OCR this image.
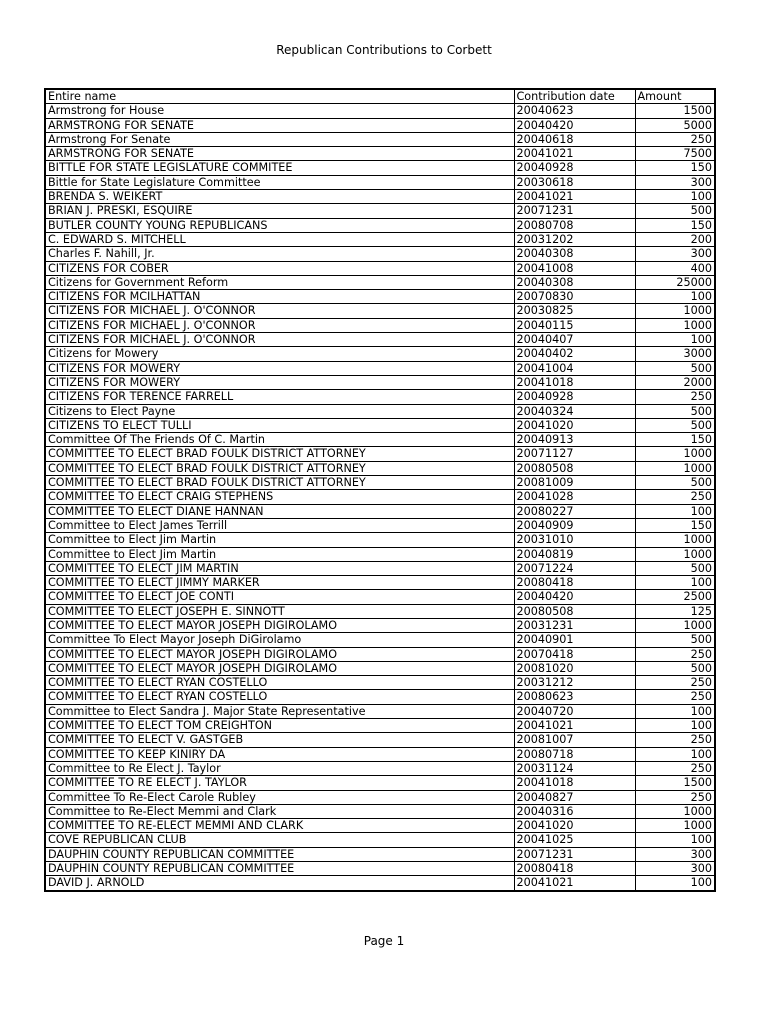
Republican Contributions to Corbett
Entire name	Contribution date	Amount
Armstrong for House	20040623	1500
ARMSTRONG FOR SENATE	20040420	5000
Armstrong For Senate	20040618	250
ARMSTRONG FOR SENATE	20041021	7500
BITTLE FOR STATE LEGISLATURE COMMITEE	20040928	150
Bittle for State Legislature Committee	20030618	300
BRENDA S. WEIKERT	20041021	100
BRIAN J. PRESKI, ESQUIRE	20071231	500
BUTLER COUNTY YOUNG REPUBLICANS	20080708	150
C. EDWARD S. MITCHELL	20031202	200
Charles F. Nahill, Jr.	20040308	300
CITIZENS FOR COBER	20041008	400
Citizens for Government Reform	20040308	25000
CITIZENS FOR MCILHATTAN	20070830	100
CITIZENS FOR MICHAEL J. O'CONNOR	20030825	1000
CITIZENS FOR MICHAEL J. O'CONNOR	20040115	1000
CITIZENS FOR MICHAEL J. O'CONNOR	20040407	100
Citizens for Mowery	20040402	3000
CITIZENS FOR MOWERY	20041004	500
CITIZENS FOR MOWERY	20041018	2000
CITIZENS FOR TERENCE FARRELL	20040928	250
Citizens to Elect Payne	20040324	500
CITIZENS TO ELECT TULLI	20041020	500
Committee Of The Friends Of C. Martin	20040913	150
COMMITTEE TO ELECT BRAD FOULK DISTRICT ATTORNEY	20071127	1000
COMMITTEE TO ELECT BRAD FOULK DISTRICT ATTORNEY	20080508	1000
COMMITTEE TO ELECT BRAD FOULK DISTRICT ATTORNEY	20081009	500
COMMITTEE TO ELECT CRAIG STEPHENS	20041028	250
COMMITTEE TO ELECT DIANE HANNAN	20080227	100
Committee to Elect James Terrill	20040909	150
Committee to Elect Jim Martin	20031010	1000
Committee to Elect Jim Martin	20040819	1000
COMMITTEE TO ELECT JIM MARTIN	20071224	500
COMMITTEE TO ELECT JIMMY MARKER	20080418	100
COMMITTEE TO ELECT JOE CONTI	20040420	2500
COMMITTEE TO ELECT JOSEPH E. SINNOTT	20080508	125
COMMITTEE TO ELECT MAYOR JOSEPH DIGIROLAMO	20031231	1000
Committee To Elect Mayor Joseph DiGirolamo	20040901	500
COMMITTEE TO ELECT MAYOR JOSEPH DIGIROLAMO	20070418	250
COMMITTEE TO ELECT MAYOR JOSEPH DIGIROLAMO	20081020	500
COMMITTEE TO ELECT RYAN COSTELLO	20031212	250
COMMITTEE TO ELECT RYAN COSTELLO	20080623	250
Committee to Elect Sandra J. Major State Representative	20040720	100
COMMITTEE TO ELECT TOM CREIGHTON	20041021	100
COMMITTEE TO ELECT V. GASTGEB	20081007	250
COMMITTEE TO KEEP KINIRY DA	20080718	100
Committee to Re Elect J. Taylor	20031124	250
COMMITTEE TO RE ELECT J. TAYLOR	20041018	1500
Committee To Re-Elect Carole Rubley	20040827	250
Committee to Re-Elect Memmi and Clark	20040316	1000
COMMITTEE TO RE-ELECT MEMMI AND CLARK	20041020	1000
COVE REPUBLICAN CLUB	20041025	100
DAUPHIN COUNTY REPUBLICAN COMMITTEE	20071231	300
DAUPHIN COUNTY REPUBLICAN COMMITTEE	20080418	300
DAVID J. ARNOLD	20041021	100
Page 1
